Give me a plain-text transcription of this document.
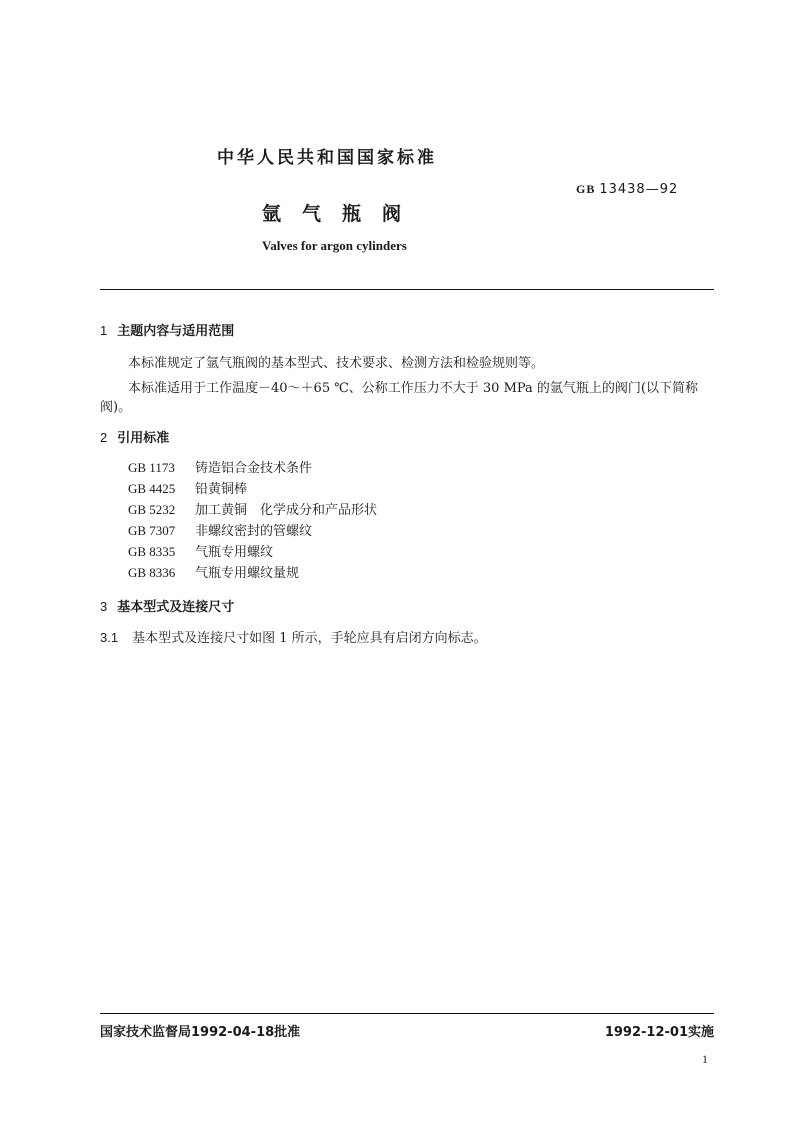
中华人民共和国国家标准
GB 13438—92
氩气瓶阀
Valves for argon cylinders
1 主题内容与适用范围
本标准规定了氩气瓶阀的基本型式、技术要求、检测方法和检验规则等。
本标准适用于工作温度－40～＋65 ℃、公称工作压力不大于 30 MPa 的氩气瓶上的阀门(以下简称
阀)。
2 引用标准
GB 1173 铸造铝合金技术条件
GB 4425 铅黄铜棒
GB 5232 加工黄铜　化学成分和产品形状
GB 7307 非螺纹密封的管螺纹
GB 8335 气瓶专用螺纹
GB 8336 气瓶专用螺纹量规
3 基本型式及连接尺寸
3.1 基本型式及连接尺寸如图 1 所示，手轮应具有启闭方向标志。
国家技术监督局1992-04-18批准	1992-12-01实施
1
